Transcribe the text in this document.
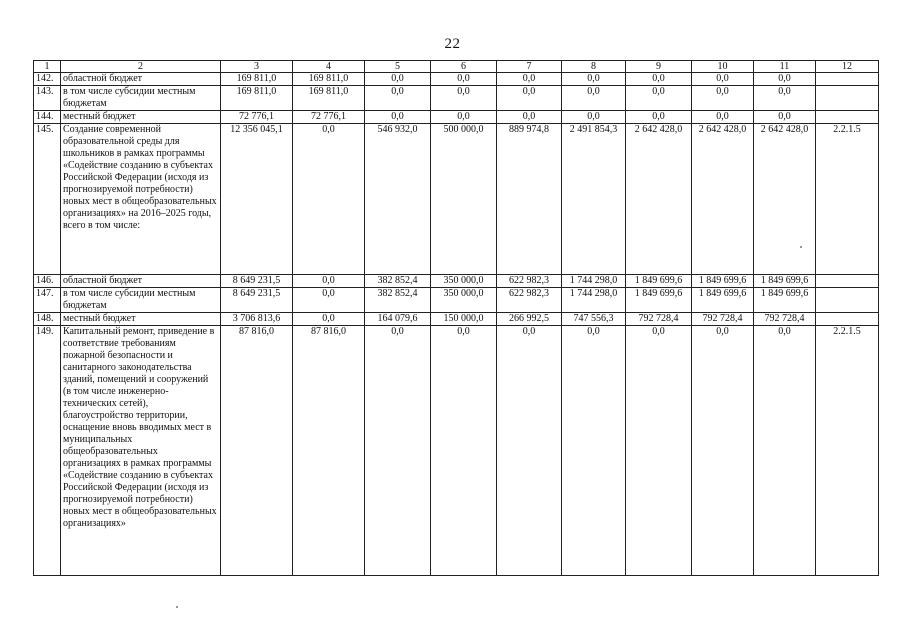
22
1	2	3	4	5	6	7	8	9	10	11	12
142.	областной бюджет	169 811,0	169 811,0	0,0	0,0	0,0	0,0	0,0	0,0	0,0	
143.	в том числе субсидии местным бюджетам	169 811,0	169 811,0	0,0	0,0	0,0	0,0	0,0	0,0	0,0	
144.	местный бюджет	72 776,1	72 776,1	0,0	0,0	0,0	0,0	0,0	0,0	0,0	
145.	Создание современной образовательной среды для школьников в рамках программы «Содействие созданию в субъектах Российской Федерации (исходя из прогнозируемой потребности) новых мест в общеобразовательных организациях» на 2016–2025 годы, всего в том числе:	12 356 045,1	0,0	546 932,0	500 000,0	889 974,8	2 491 854,3	2 642 428,0	2 642 428,0	2 642 428,0	2.2.1.5
146.	областной бюджет	8 649 231,5	0,0	382 852,4	350 000,0	622 982,3	1 744 298,0	1 849 699,6	1 849 699,6	1 849 699,6	
147.	в том числе субсидии местным бюджетам	8 649 231,5	0,0	382 852,4	350 000,0	622 982,3	1 744 298,0	1 849 699,6	1 849 699,6	1 849 699,6	
148.	местный бюджет	3 706 813,6	0,0	164 079,6	150 000,0	266 992,5	747 556,3	792 728,4	792 728,4	792 728,4	
149.	Капитальный ремонт, приведение в соответствие требованиям пожарной безопасности и санитарного законодательства зданий, помещений и сооружений (в том числе инженерно-технических сетей), благоустройство территории, оснащение вновь вводимых мест в муниципальных общеобразовательных организациях в рамках программы «Содействие созданию в субъектах Российской Федерации (исходя из прогнозируемой потребности) новых мест в общеобразовательных организациях»	87 816,0	87 816,0	0,0	0,0	0,0	0,0	0,0	0,0	0,0	2.2.1.5
